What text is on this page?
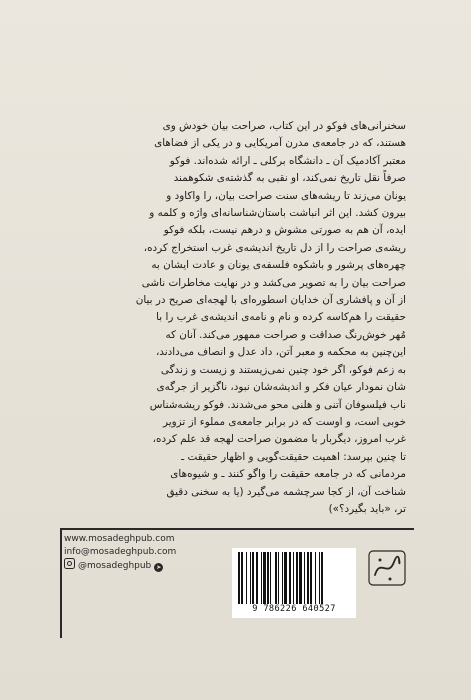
سخنرانی‌های فوکو در این کتاب، صراحت بیان خودش وی

هستند، که در جامعه‌ی مدرن آمریکایی و در یکی از فضاهای

معتبر آکادمیک آن ـ دانشگاه برکلی ـ ارائه شده‌اند. فوکو

صرفاً نقل تاریخ نمی‌کند، او نقبی به گذشته‌ی شکوهمند

یونان می‌زند تا ریشه‌های سنت صراحت بیان، را واکاود و

بیرون کشد. این اثر انباشت باستان‌شناسانه‌ای واژه و کلمه و

ایده، آن هم به صورتی مشوش و درهم نیست، بلکه فوکو

ریشه‌ی صراحت را از دل تاریخ اندیشه‌ی غرب استخراج کرده،

چهره‌های پرشور و باشکوه فلسفه‌ی یونان و عادت ایشان به

صراحت بیان را به تصویر می‌کشد و در نهایت مخاطرات ناشی

از آن و پافشاری آن خدایان اسطوره‌ای با لهجه‌ای صریح در بیان

حقیقت را هم‌کاسه کرده و نام و نامه‌ی اندیشه‌ی غرب را با

مُهر خوش‌رنگ صداقت و صراحت ممهور می‌کند. آنان که

این‌چنین به محکمه و معبر آتن، داد عدل و انصاف می‌دادند،

به زعم فوکو، اگر خود چنین نمی‌زیستند و زیست و زندگی

شان نمودار عیان فکر و اندیشه‌شان نبود، ناگزیر از جرگه‌ی

ناب فیلسوفان آتنی و هلنی محو می‌شدند. فوکو ریشه‌شناس

خوبی است، و اوست که در برابر جامعه‌ی مملوء از تزویر

غرب امروز، دیگربار با مضمون صراحت لهجه قد علم کرده،

تا چنین بپرسد: اهمیت حقیقت‌گویی و اظهار حقیقت ـ

مردمانی که در جامعه حقیقت را واگو کنند ـ و شیوه‌های

شناخت آن، از کجا سرچشمه می‌گیرد (یا به سخنی دقیق

تر، «باید بگیرد؟»)

www.mosadeghpub.com
info@mosadeghpub.com
@mosadeghpub ➤
9 786226 640527
